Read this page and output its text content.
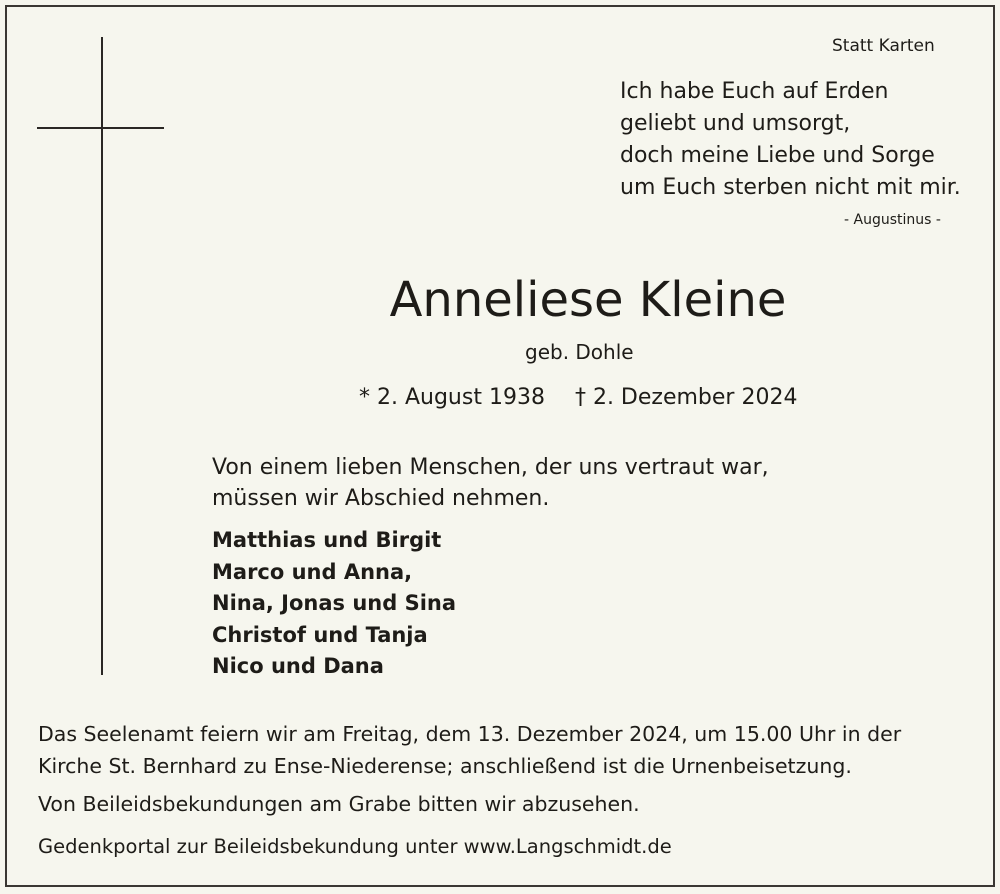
Statt Karten
Ich habe Euch auf Erden
geliebt und umsorgt,
doch meine Liebe und Sorge
um Euch sterben nicht mit mir.
- Augustinus -
Anneliese Kleine
geb. Dohle
* 2. August 1938 † 2. Dezember 2024
Von einem lieben Menschen, der uns vertraut war,
müssen wir Abschied nehmen.
Matthias und Birgit
Marco und Anna,
Nina, Jonas und Sina
Christof und Tanja
Nico und Dana
Das Seelenamt feiern wir am Freitag, dem 13. Dezember 2024, um 15.00 Uhr in der
Kirche St. Bernhard zu Ense-Niederense; anschließend ist die Urnenbeisetzung.
Von Beileidsbekundungen am Grabe bitten wir abzusehen.
Gedenkportal zur Beileidsbekundung unter www.Langschmidt.de
